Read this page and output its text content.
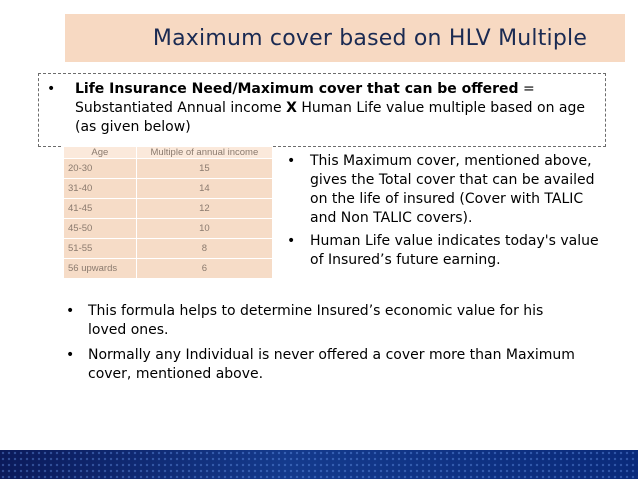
Maximum cover based on HLV Multiple
•	Life Insurance Need/Maximum cover that can be offered =
Substantiated Annual income X Human Life value multiple based on age
(as given below)
Age	Multiple of annual income
20-30	15
31-40	14
41-45	12
45-50	10
51-55	8
56 upwards	6
•	This Maximum cover, mentioned above, gives the Total cover that can be availed on the life of insured (Cover with TALIC and Non TALIC covers).
•	Human Life value indicates today's value of Insured’s future earning.
• This formula helps to determine Insured’s economic value for his loved ones.
• Normally any Individual is never offered a cover more than Maximum cover, mentioned above.
